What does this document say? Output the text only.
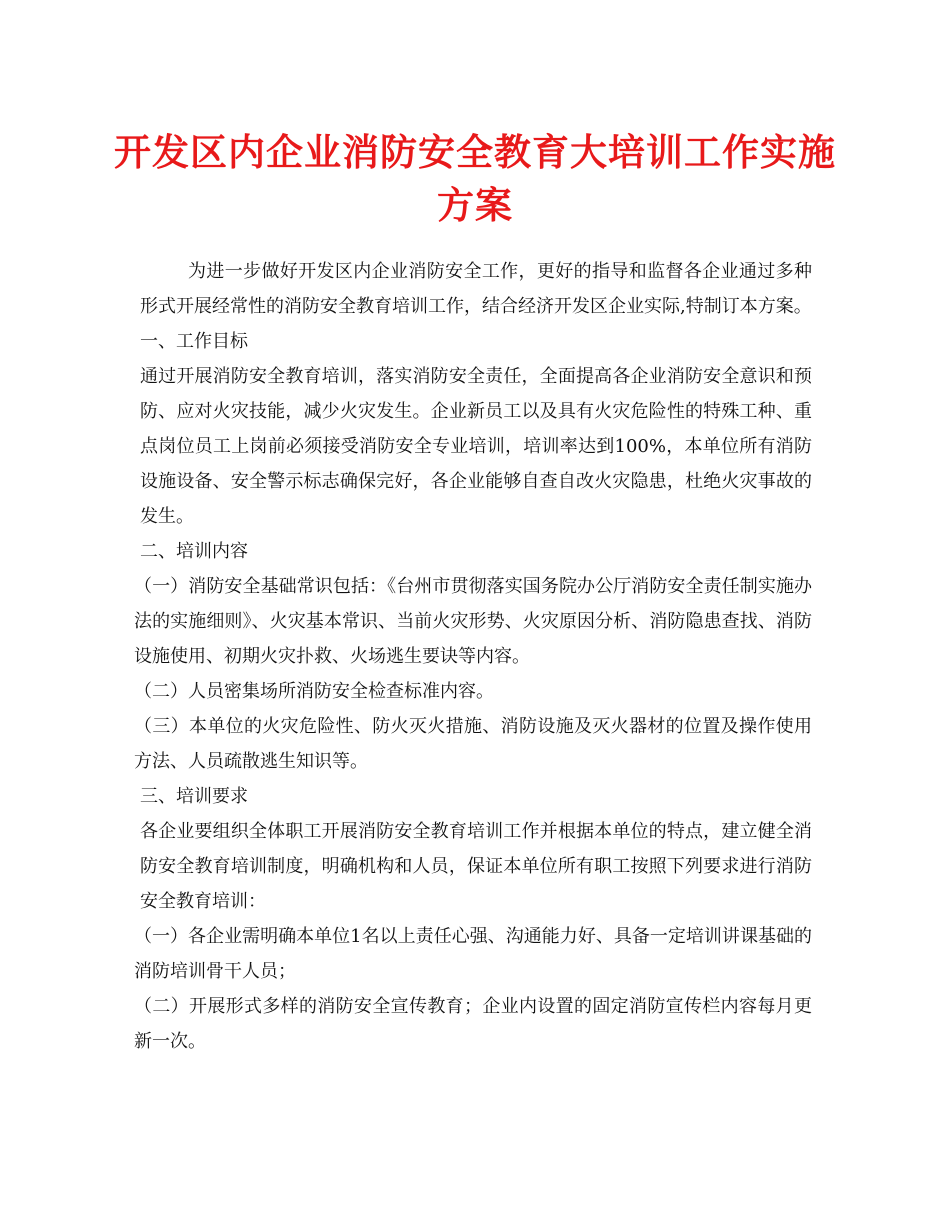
开发区内企业消防安全教育大培训工作实施
方案

为进一步做好开发区内企业消防安全工作，更好的指导和监督各企业通过多种形式开展经常性的消防安全教育培训工作，结合经济开发区企业实际,特制订本方案。

一、工作目标

通过开展消防安全教育培训，落实消防安全责任，全面提高各企业消防安全意识和预防、应对火灾技能，减少火灾发生。企业新员工以及具有火灾危险性的特殊工种、重点岗位员工上岗前必须接受消防安全专业培训，培训率达到100%，本单位所有消防设施设备、安全警示标志确保完好，各企业能够自查自改火灾隐患，杜绝火灾事故的发生。

二、培训内容

（一）消防安全基础常识包括：《台州市贯彻落实国务院办公厅消防安全责任制实施办法的实施细则》、火灾基本常识、当前火灾形势、火灾原因分析、消防隐患查找、消防设施使用、初期火灾扑救、火场逃生要诀等内容。

（二）人员密集场所消防安全检查标准内容。

（三）本单位的火灾危险性、防火灭火措施、消防设施及灭火器材的位置及操作使用方法、人员疏散逃生知识等。

三、培训要求

各企业要组织全体职工开展消防安全教育培训工作并根据本单位的特点，建立健全消防安全教育培训制度，明确机构和人员，保证本单位所有职工按照下列要求进行消防安全教育培训：

（一）各企业需明确本单位1名以上责任心强、沟通能力好、具备一定培训讲课基础的消防培训骨干人员；

（二）开展形式多样的消防安全宣传教育；企业内设置的固定消防宣传栏内容每月更新一次。
